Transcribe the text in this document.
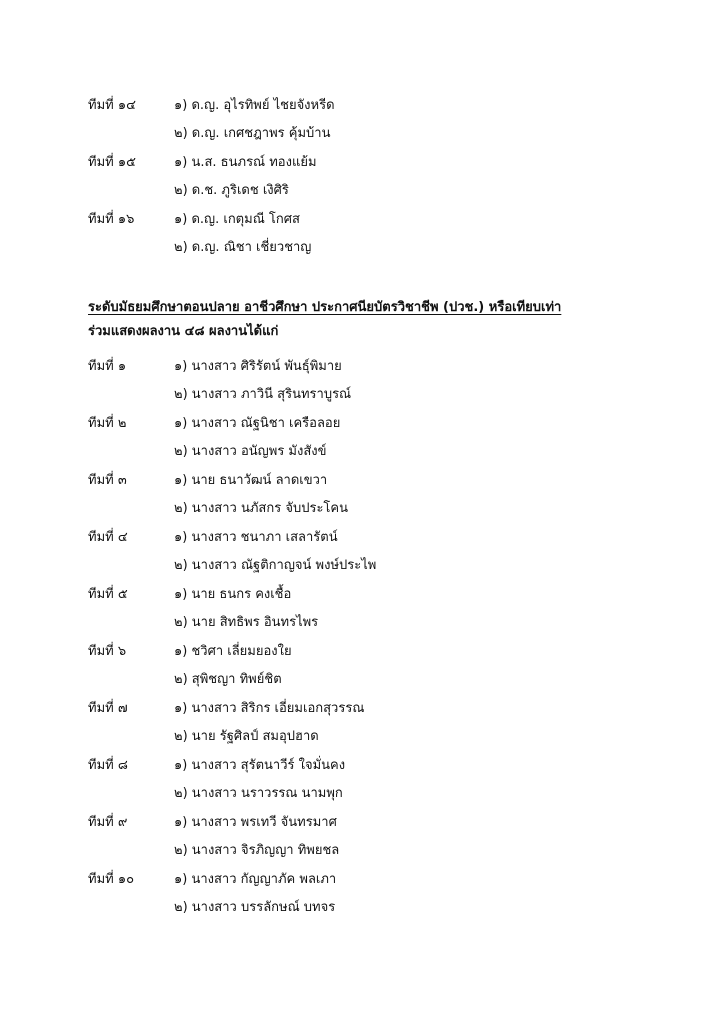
ทีมที่ ๑๔	๑) ด.ญ. อุไรทิพย์ ไชยจังหรีด
๒) ด.ญ. เกศชฎาพร คุ้มบ้าน
ทีมที่ ๑๕	๑) น.ส. ธนภรณ์ ทองแย้ม
๒) ด.ช. ภูริเดช เงิศิริ
ทีมที่ ๑๖	๑) ด.ญ. เกตุมณี โกศส
๒) ด.ญ. ณิชา เชี่ยวชาญ
ระดับมัธยมศึกษาตอนปลาย อาชีวศึกษา ประกาศนียบัตรวิชาชีพ (ปวช.) หรือเทียบเท่า
ร่วมแสดงผลงาน ๔๘ ผลงานได้แก่
ทีมที่ ๑	๑) นางสาว ศิริรัตน์ พันธุ์พิมาย
๒) นางสาว ภาวินี สุรินทราบูรณ์
ทีมที่ ๒	๑) นางสาว ณัฐนิชา เครือลอย
๒) นางสาว อนัญพร มังสังข์
ทีมที่ ๓	๑) นาย ธนาวัฒน์ ลาดเขวา
๒) นางสาว นภัสกร จับประโคน
ทีมที่ ๔	๑) นางสาว ชนาภา เสลารัตน์
๒) นางสาว ณัฐติกาญจน์ พงษ์ประไพ
ทีมที่ ๕	๑) นาย ธนกร คงเชื้อ
๒) นาย สิทธิพร อินทรไพร
ทีมที่ ๖	๑) ชวิศา เลี่ยมยองใย
๒) สุพิชญา ทิพย์ชิต
ทีมที่ ๗	๑) นางสาว สิริกร เอี่ยมเอกสุวรรณ
๒) นาย รัฐศิลป์ สมอุปฮาด
ทีมที่ ๘	๑) นางสาว สุรัตนาวีร์ ใจมั่นคง
๒) นางสาว นราวรรณ นามพุก
ทีมที่ ๙	๑) นางสาว พรเทวี จันทรมาศ
๒) นางสาว จิรภิญญา ทิพยชล
ทีมที่ ๑๐	๑) นางสาว กัญญาภัค พลเภา
๒) นางสาว บรรลักษณ์ บทจร
